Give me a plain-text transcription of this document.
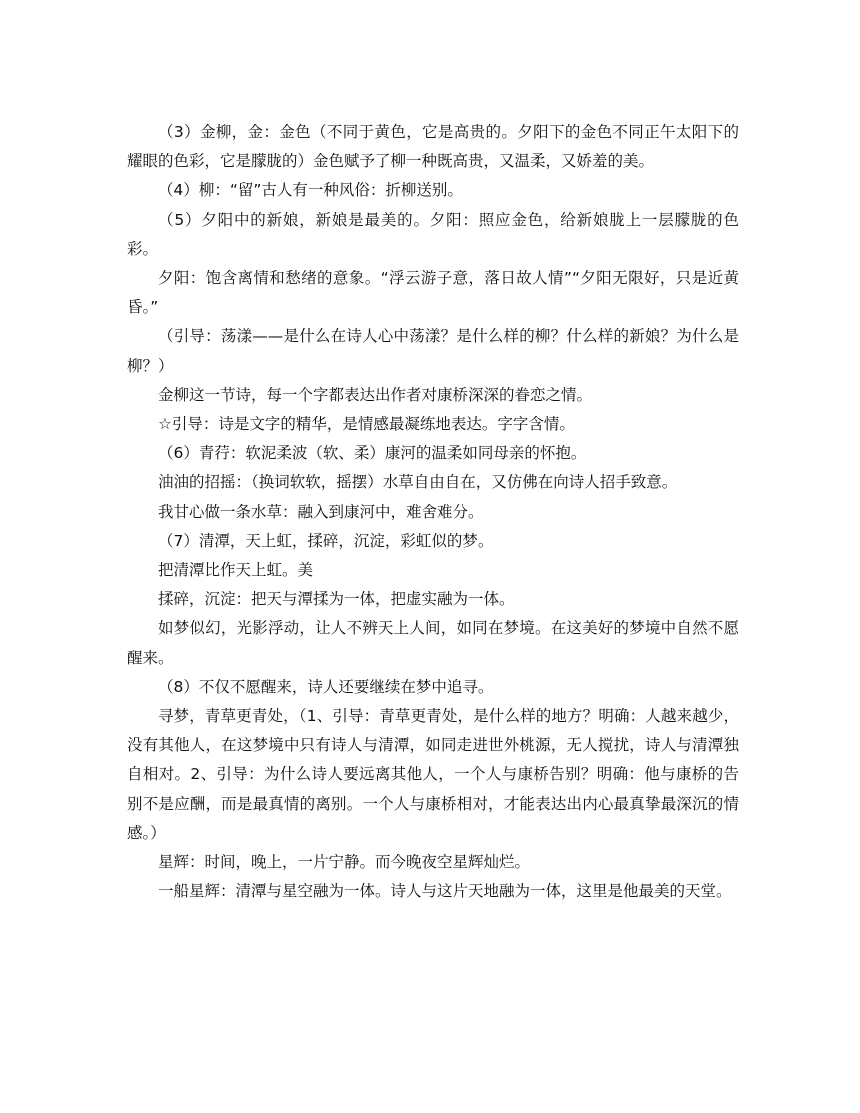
（3）金柳，金：金色（不同于黄色，它是高贵的。夕阳下的金色不同正午太阳下的耀眼的色彩，它是朦胧的）金色赋予了柳一种既高贵，又温柔，又娇羞的美。

（4）柳：“留”古人有一种风俗：折柳送别。

（5）夕阳中的新娘，新娘是最美的。夕阳：照应金色，给新娘胧上一层朦胧的色彩。

夕阳：饱含离情和愁绪的意象。“浮云游子意，落日故人情”“夕阳无限好，只是近黄昏。”

（引导：荡漾——是什么在诗人心中荡漾？是什么样的柳？什么样的新娘？为什么是柳？）

金柳这一节诗，每一个字都表达出作者对康桥深深的眷恋之情。

☆引导：诗是文字的精华，是情感最凝练地表达。字字含情。

（6）青荇：软泥柔波（软、柔）康河的温柔如同母亲的怀抱。

油油的招摇：（换词软软，摇摆）水草自由自在，又仿佛在向诗人招手致意。

我甘心做一条水草：融入到康河中，难舍难分。

（7）清潭，天上虹，揉碎，沉淀，彩虹似的梦。

把清潭比作天上虹。美

揉碎，沉淀：把天与潭揉为一体，把虚实融为一体。

如梦似幻，光影浮动，让人不辨天上人间，如同在梦境。在这美好的梦境中自然不愿醒来。

（8）不仅不愿醒来，诗人还要继续在梦中追寻。

寻梦，青草更青处，（1、引导：青草更青处，是什么样的地方？明确：人越来越少，没有其他人，在这梦境中只有诗人与清潭，如同走进世外桃源，无人搅扰，诗人与清潭独自相对。2、引导：为什么诗人要远离其他人，一个人与康桥告别？明确：他与康桥的告别不是应酬，而是最真情的离别。一个人与康桥相对，才能表达出内心最真挚最深沉的情感。）

星辉：时间，晚上，一片宁静。而今晚夜空星辉灿烂。

一船星辉：清潭与星空融为一体。诗人与这片天地融为一体，这里是他最美的天堂。
